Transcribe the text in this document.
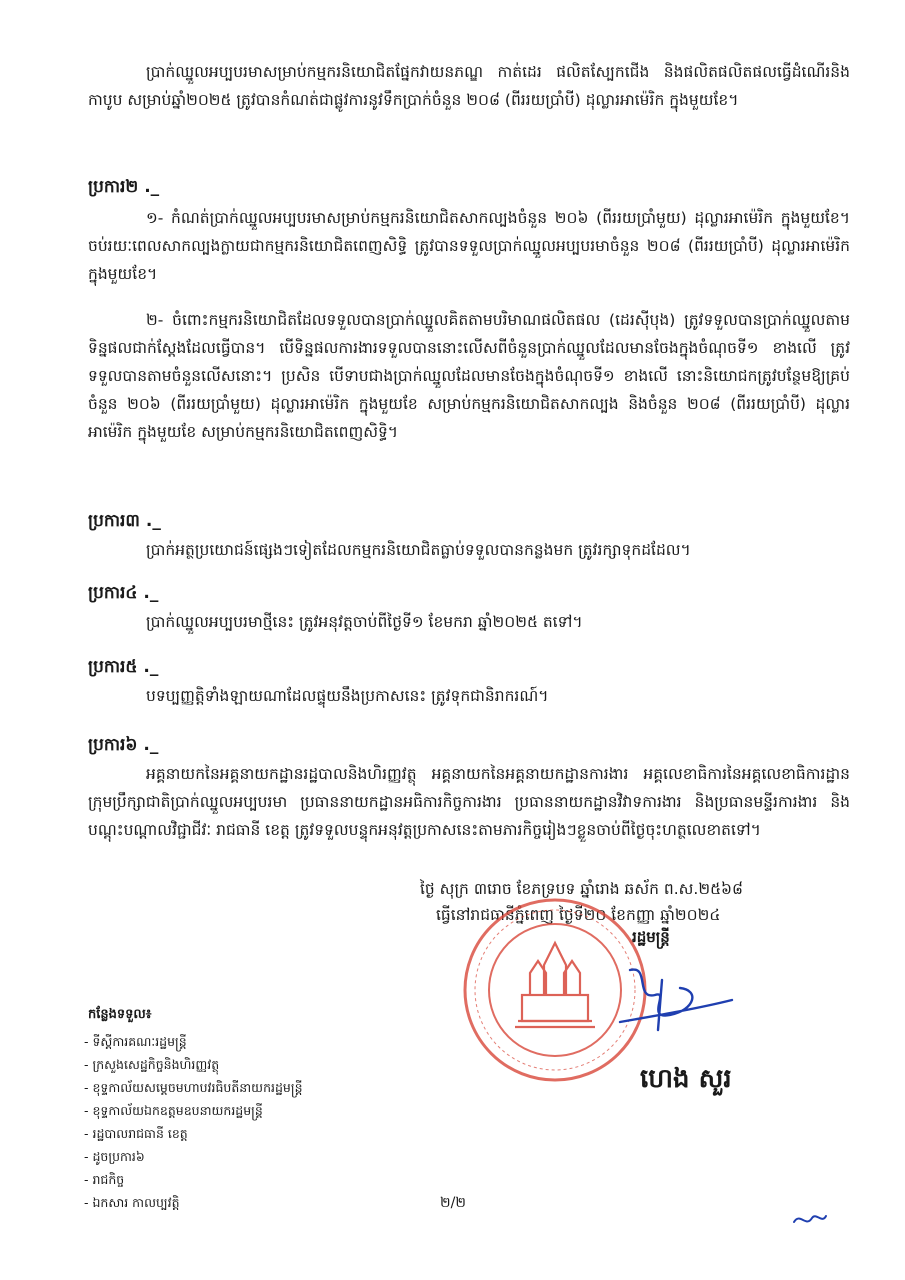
ប្រាក់ឈ្នួលអប្បបរមាសម្រាប់កម្មករនិយោជិតផ្នែកវាយនភណ្ឌ កាត់ដេរ ផលិតស្បែកជើង និងផលិតផលិតផលធ្វើដំណើរនិងកាបូប សម្រាប់ឆ្នាំ២០២៥ ត្រូវបានកំណត់ជាផ្លូវការនូវទឹកប្រាក់ចំនួន ២០៨ (ពីររយប្រាំបី) ដុល្លារអាម៉េរិក ក្នុងមួយខែ។

ប្រការ២ ._

១- កំណត់ប្រាក់ឈ្នួលអប្បបរមាសម្រាប់កម្មករនិយោជិតសាកល្បងចំនួន ២០៦ (ពីររយប្រាំមួយ) ដុល្លារអាម៉េរិក ក្នុងមួយខែ។ ចប់រយៈពេលសាកល្បងក្លាយជាកម្មករនិយោជិតពេញសិទ្ធិ ត្រូវបានទទួលប្រាក់ឈ្នួលអប្បបរមាចំនួន ២០៨ (ពីររយប្រាំបី) ដុល្លារអាម៉េរិក ក្នុងមួយខែ។

២- ចំពោះកម្មករនិយោជិតដែលទទួលបានប្រាក់ឈ្នួលគិតតាមបរិមាណផលិតផល (ដេរស៊ីបុង) ត្រូវទទួលបានប្រាក់ឈ្នួលតាមទិន្នផលជាក់ស្តែងដែលធ្វើបាន។ បើទិន្នផលការងារទទួលបាននោះលើសពីចំនួនប្រាក់ឈ្នួលដែលមានចែងក្នុងចំណុចទី១ ខាងលើ ត្រូវទទួលបានតាមចំនួនលើសនោះ។ ប្រសិន បើទាបជាងប្រាក់ឈ្នួលដែលមានចែងក្នុងចំណុចទី១ ខាងលើ នោះនិយោជកត្រូវបន្ថែមឱ្យគ្រប់ចំនួន ២០៦ (ពីររយប្រាំមួយ) ដុល្លារអាម៉េរិក ក្នុងមួយខែ សម្រាប់កម្មករនិយោជិតសាកល្បង និងចំនួន ២០៨ (ពីររយប្រាំបី) ដុល្លារអាម៉េរិក ក្នុងមួយខែ សម្រាប់កម្មករនិយោជិតពេញសិទ្ធិ។

ប្រការ៣ ._

ប្រាក់អត្ថប្រយោជន៍ផ្សេងៗទៀតដែលកម្មករនិយោជិតធ្លាប់ទទួលបានកន្លងមក ត្រូវរក្សាទុកដដែល។

ប្រការ៤ ._

ប្រាក់ឈ្នួលអប្បបរមាថ្មីនេះ ត្រូវអនុវត្តចាប់ពីថ្ងៃទី១ ខែមករា ឆ្នាំ២០២៥ តទៅ។

ប្រការ៥ ._

បទប្បញ្ញត្តិទាំងឡាយណាដែលផ្ទុយនឹងប្រកាសនេះ ត្រូវទុកជានិរាករណ៍។

ប្រការ៦ ._

អគ្គនាយកនៃអគ្គនាយកដ្ឋានរដ្ឋបាលនិងហិរញ្ញវត្ថុ អគ្គនាយកនៃអគ្គនាយកដ្ឋានការងារ អគ្គលេខាធិការនៃអគ្គលេខាធិការដ្ឋានក្រុមប្រឹក្សាជាតិប្រាក់ឈ្នួលអប្បបរមា ប្រធាននាយកដ្ឋានអធិការកិច្ចការងារ ប្រធាននាយកដ្ឋានវិវាទការងារ និងប្រធានមន្ទីរការងារ និងបណ្តុះបណ្តាលវិជ្ជាជីវៈ រាជធានី ខេត្ត ត្រូវទទួលបន្ទុកអនុវត្តប្រកាសនេះតាមភារកិច្ចរៀងៗខ្លួនចាប់ពីថ្ងៃចុះហត្ថលេខាតទៅ។

ថ្ងៃ សុក្រ ៣រោច ខែភទ្របទ ឆ្នាំរោង ឆស័ក ព.ស.២៥៦៨
ធ្វើនៅរាជធានីភ្នំពេញ ថ្ងៃទី២០ ខែកញ្ញា ឆ្នាំ២០២៤
រដ្ឋមន្ត្រី
ហេង សួរ
កន្លែងទទួល៖
- ទីស្តីការគណៈរដ្ឋមន្ត្រី
- ក្រសួងសេដ្ឋកិច្ចនិងហិរញ្ញវត្ថុ
- ខុទ្ទកាល័យសម្តេចមហាបវរធិបតីនាយករដ្ឋមន្ត្រី
- ខុទ្ទកាល័យឯកឧត្តមឧបនាយករដ្ឋមន្ត្រី
- រដ្ឋបាលរាជធានី ខេត្ត
- ដូចប្រការ៦
- រាជកិច្ច
- ឯកសារ កាលប្បវត្តិ	២/២
